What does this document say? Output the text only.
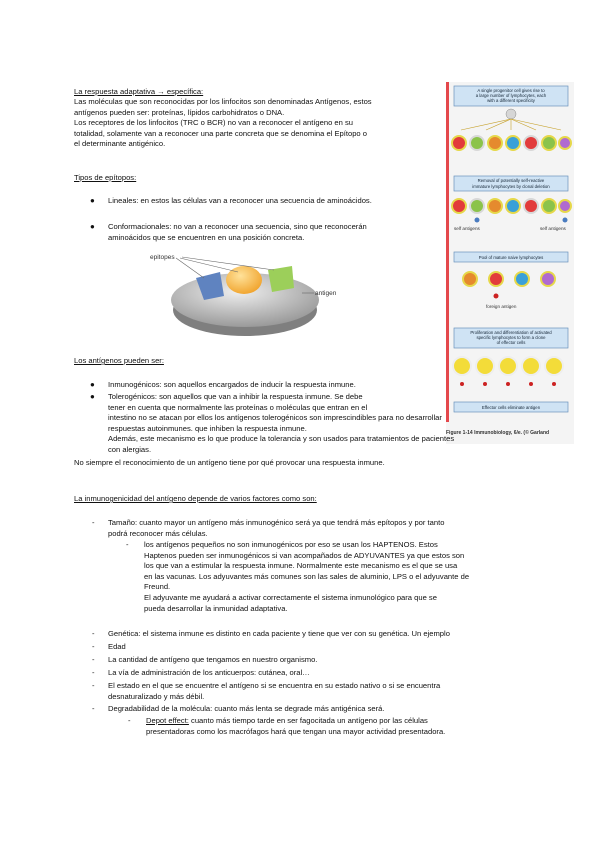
La respuesta adaptativa → específica:
Las moléculas que son reconocidas por los linfocitos son denominadas Antígenos, estos
antígenos pueden ser: proteínas, lípidos carbohidratos o DNA.
Los receptores de los linfocitos (TRC o BCR) no van a reconocer el antígeno en su
totalidad, solamente van a reconocer una parte concreta que se denomina el Epítopo o
el determinante antigénico.
Tipos de epítopos:
● Lineales: en estos las células van a reconocer una secuencia de aminoácidos.
● Conformacionales: no van a reconocer una secuencia, sino que reconocerán
aminoácidos que se encuentren en una posición concreta.
epitopes
antigen
A single progenitor cell gives rise to
a large number of lymphocytes, each
with a different specificity
Removal of potentially self-reactive
immature lymphocytes by clonal deletion
self antigens	self antigens
Pool of mature naive lymphocytes
foreign antigen
Proliferation and differentiation of activated
specific lymphocytes to form a clone
of effector cells
Effector cells eliminate antigen
Figure 1-14 Immunobiology, 6/e. (© Garland
Los antígenos pueden ser:
● Inmunogénicos: son aquellos encargados de inducir la respuesta inmune.
● Tolerogénicos: son aquellos que van a inhibir la respuesta inmune. Se debe
tener en cuenta que normalmente las proteínas o moléculas que entran en el
intestino no se atacan por ellos los antígenos tolerogénicos son imprescindibles para no desarrollar
respuestas autoinmunes. que inhiben la respuesta inmune.
Además, este mecanismo es lo que produce la tolerancia y son usados para tratamientos de pacientes
con alergias.
No siempre el reconocimiento de un antígeno tiene por qué provocar una respuesta inmune.
La inmunogenicidad del antígeno depende de varios factores como son:
- Tamaño: cuanto mayor un antígeno más inmunogénico será ya que tendrá más epítopos y por tanto
podrá reconocer más células.
- los antígenos pequeños no son inmunogénicos por eso se usan los HAPTENOS. Estos
Haptenos pueden ser inmunogénicos si van acompañados de ADYUVANTES ya que estos son
los que van a estimular la respuesta inmune. Normalmente este mecanismo es el que se usa
en las vacunas. Los adyuvantes más comunes son las sales de aluminio, LPS o el adyuvante de
Freund.
El adyuvante me ayudará a activar correctamente el sistema inmunológico para que se
pueda desarrollar la inmunidad adaptativa.
- Genética: el sistema inmune es distinto en cada paciente y tiene que ver con su genética. Un ejemplo
- Edad
- La cantidad de antígeno que tengamos en nuestro organismo.
- La vía de administración de los anticuerpos: cutánea, oral…
- El estado en el que se encuentre el antígeno si se encuentra en su estado nativo o si se encuentra
desnaturalizado y más débil.
- Degradabilidad de la molécula: cuanto más lenta se degrade más antigénica será.
- Depot effect: cuanto más tiempo tarde en ser fagocitada un antígeno por las células
presentadoras como los macrófagos hará que tengan una mayor actividad presentadora.
